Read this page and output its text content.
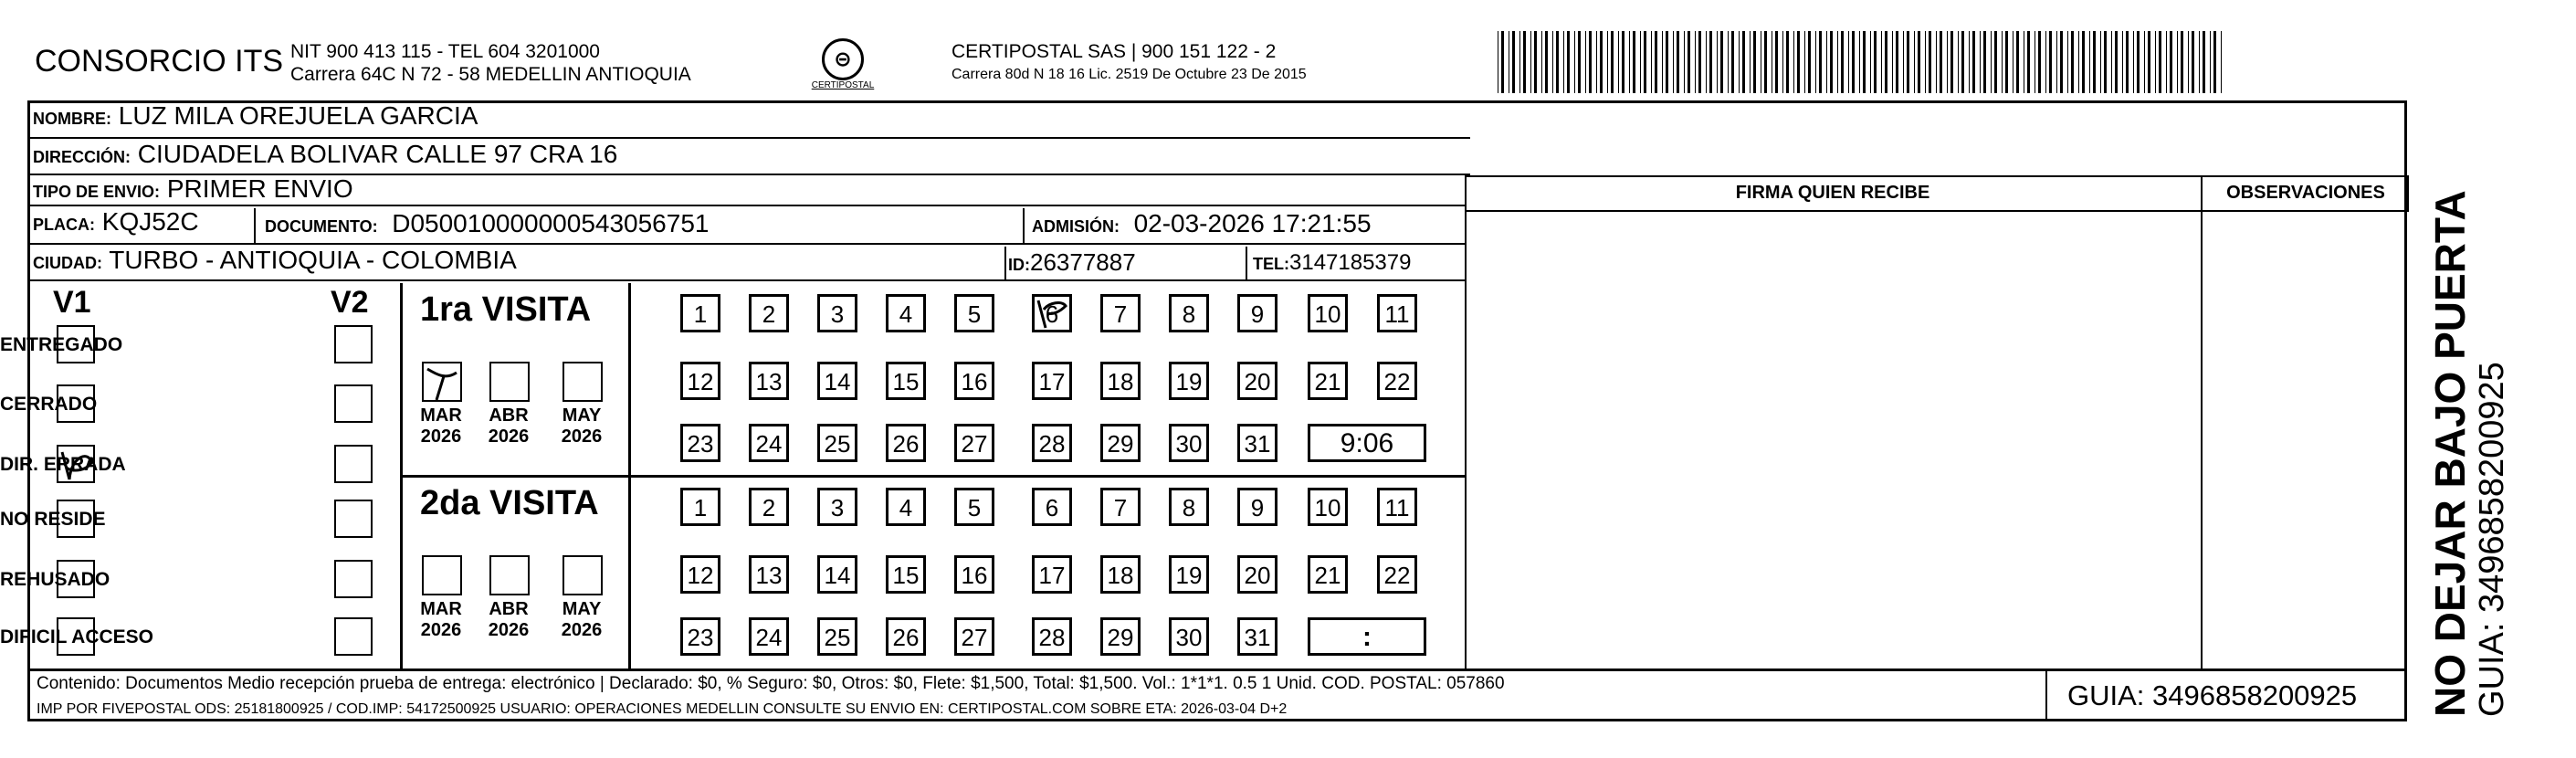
CONSORCIO ITS NIT 900 413 115 - TEL 604 3201000
Carrera 64C N 72 - 58 MEDELLIN ANTIOQUIA
⊝
CERTIPOSTAL
CERTIPOSTAL SAS | 900 151 122 - 2
Carrera 80d N 18 16 Lic. 2519 De Octubre 23 De 2015
NOMBRE: LUZ MILA OREJUELA GARCIA
DIRECCIÓN: CIUDADELA BOLIVAR CALLE 97 CRA 16
TIPO DE ENVIO: PRIMER ENVIO
PLACA: KQJ52C	DOCUMENTO: D050010000000543056751	ADMISIÓN: 02-03-2026 17:21:55
CIUDAD: TURBO - ANTIOQUIA - COLOMBIA	ID:26377887	TEL:3147185379
FIRMA QUIEN RECIBE	OBSERVACIONES
V1	V2
ENTREGADO
CERRADO
DIR. ERRADA
NO RESIDE
REHUSADO
DIFICIL ACCESO
1ra VISITA
2da VISITA
MAR
2026
ABR
2026
MAY
2026
1	2	3	4	5	6	7	8	9	10	11
12 13 14 15 16 17 18 19 20 21 22
23 24 25 26 27 28 29 30 31	9:06
MAR
2026
ABR
2026
MAY
2026
1	2	3	4	5	6	7	8	9	10	11
12 13 14 15 16 17 18 19 20 21 22
23 24 25 26 27 28 29 30 31	:
Contenido: Documentos Medio recepción prueba de entrega: electrónico | Declarado: $0, % Seguro: $0, Otros: $0, Flete: $1,500, Total: $1,500. Vol.: 1*1*1. 0.5 1 Unid. COD. POSTAL: 057860
IMP POR FIVEPOSTAL ODS: 25181800925 / COD.IMP: 54172500925 USUARIO: OPERACIONES MEDELLIN CONSULTE SU ENVIO EN: CERTIPOSTAL.COM SOBRE ETA: 2026-03-04 D+2	GUIA: 3496858200925	NO DEJAR BAJO PUERTA GUIA: 3496858200925
